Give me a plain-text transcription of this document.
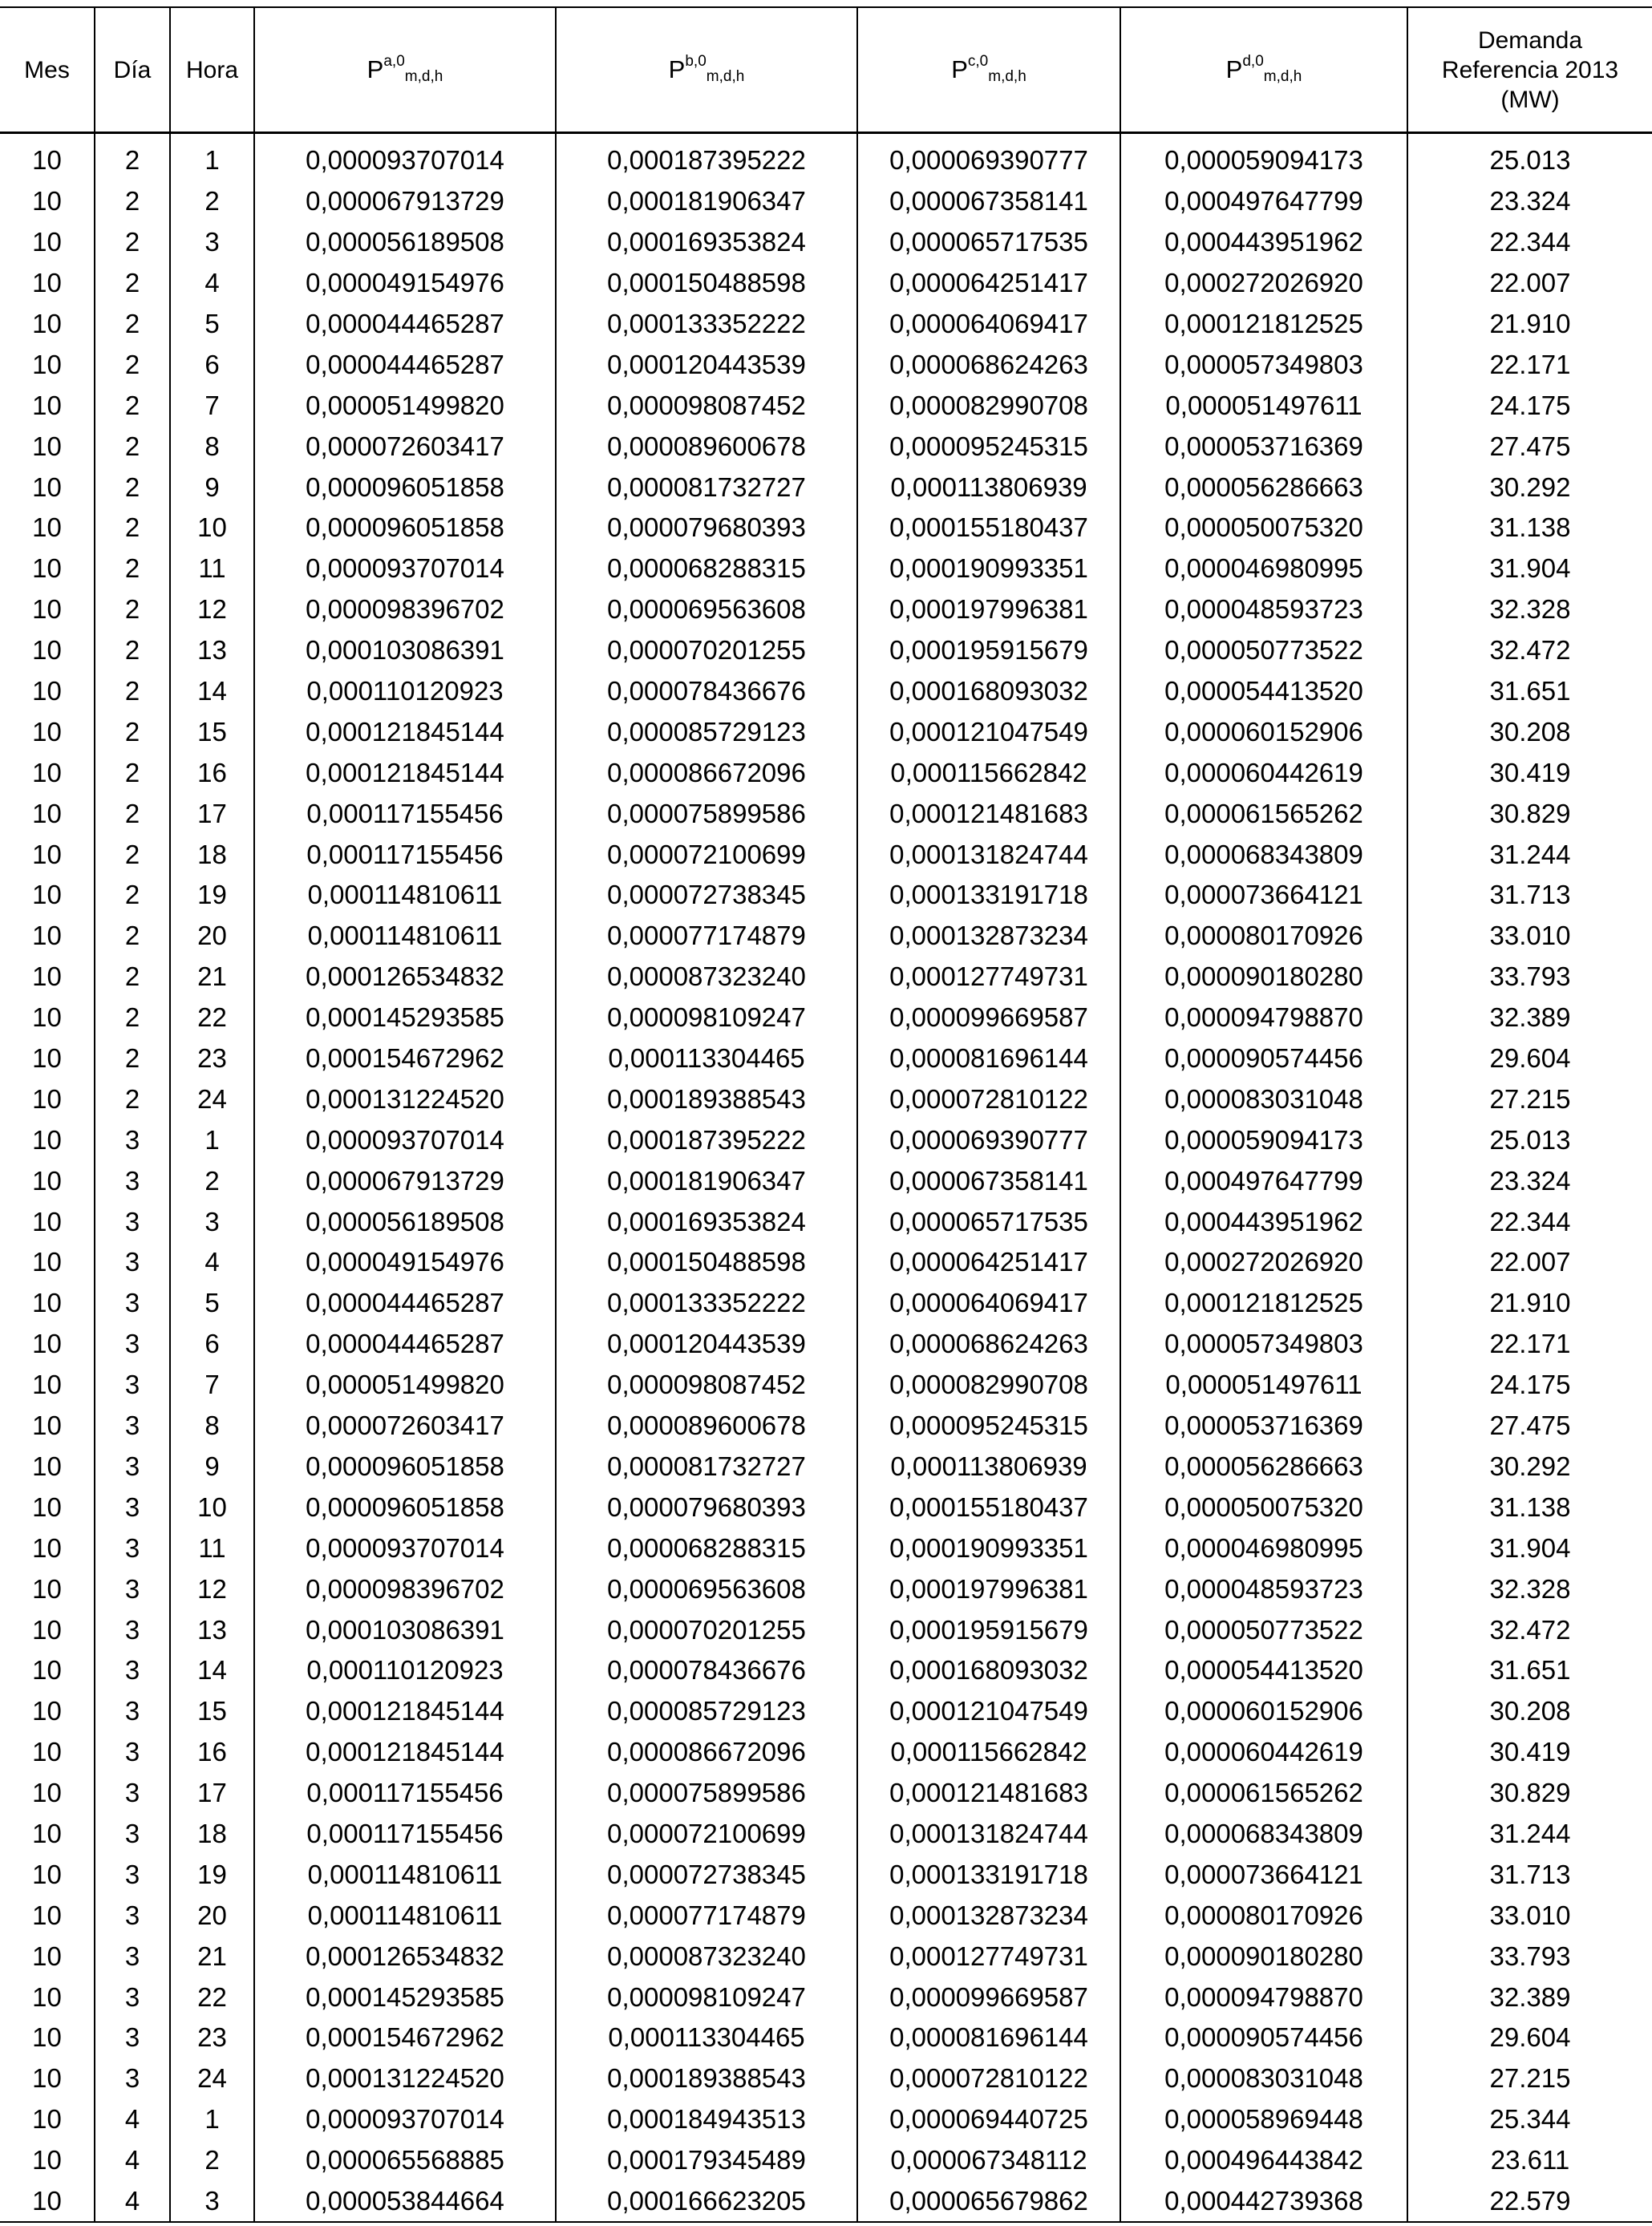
Mes	Día	Hora	P$^{a,0}_{m,d,h}$	P$^{b,0}_{m,d,h}$	P$^{c,0}_{m,d,h}$	P$^{d,0}_{m,d,h}$	Demanda
Referencia 2013
(MW)

10	2	1	0,000093707014	0,000187395222	0,000069390777	0,000059094173	25.013
10	2	2	0,000067913729	0,000181906347	0,000067358141	0,000497647799	23.324
10	2	3	0,000056189508	0,000169353824	0,000065717535	0,000443951962	22.344
10	2	4	0,000049154976	0,000150488598	0,000064251417	0,000272026920	22.007
10	2	5	0,000044465287	0,000133352222	0,000064069417	0,000121812525	21.910
10	2	6	0,000044465287	0,000120443539	0,000068624263	0,000057349803	22.171
10	2	7	0,000051499820	0,000098087452	0,000082990708	0,000051497611	24.175
10	2	8	0,000072603417	0,000089600678	0,000095245315	0,000053716369	27.475
10	2	9	0,000096051858	0,000081732727	0,000113806939	0,000056286663	30.292
10	2	10	0,000096051858	0,000079680393	0,000155180437	0,000050075320	31.138
10	2	11	0,000093707014	0,000068288315	0,000190993351	0,000046980995	31.904
10	2	12	0,000098396702	0,000069563608	0,000197996381	0,000048593723	32.328
10	2	13	0,000103086391	0,000070201255	0,000195915679	0,000050773522	32.472
10	2	14	0,000110120923	0,000078436676	0,000168093032	0,000054413520	31.651
10	2	15	0,000121845144	0,000085729123	0,000121047549	0,000060152906	30.208
10	2	16	0,000121845144	0,000086672096	0,000115662842	0,000060442619	30.419
10	2	17	0,000117155456	0,000075899586	0,000121481683	0,000061565262	30.829
10	2	18	0,000117155456	0,000072100699	0,000131824744	0,000068343809	31.244
10	2	19	0,000114810611	0,000072738345	0,000133191718	0,000073664121	31.713
10	2	20	0,000114810611	0,000077174879	0,000132873234	0,000080170926	33.010
10	2	21	0,000126534832	0,000087323240	0,000127749731	0,000090180280	33.793
10	2	22	0,000145293585	0,000098109247	0,000099669587	0,000094798870	32.389
10	2	23	0,000154672962	0,000113304465	0,000081696144	0,000090574456	29.604
10	2	24	0,000131224520	0,000189388543	0,000072810122	0,000083031048	27.215
10	3	1	0,000093707014	0,000187395222	0,000069390777	0,000059094173	25.013
10	3	2	0,000067913729	0,000181906347	0,000067358141	0,000497647799	23.324
10	3	3	0,000056189508	0,000169353824	0,000065717535	0,000443951962	22.344
10	3	4	0,000049154976	0,000150488598	0,000064251417	0,000272026920	22.007
10	3	5	0,000044465287	0,000133352222	0,000064069417	0,000121812525	21.910
10	3	6	0,000044465287	0,000120443539	0,000068624263	0,000057349803	22.171
10	3	7	0,000051499820	0,000098087452	0,000082990708	0,000051497611	24.175
10	3	8	0,000072603417	0,000089600678	0,000095245315	0,000053716369	27.475
10	3	9	0,000096051858	0,000081732727	0,000113806939	0,000056286663	30.292
10	3	10	0,000096051858	0,000079680393	0,000155180437	0,000050075320	31.138
10	3	11	0,000093707014	0,000068288315	0,000190993351	0,000046980995	31.904
10	3	12	0,000098396702	0,000069563608	0,000197996381	0,000048593723	32.328
10	3	13	0,000103086391	0,000070201255	0,000195915679	0,000050773522	32.472
10	3	14	0,000110120923	0,000078436676	0,000168093032	0,000054413520	31.651
10	3	15	0,000121845144	0,000085729123	0,000121047549	0,000060152906	30.208
10	3	16	0,000121845144	0,000086672096	0,000115662842	0,000060442619	30.419
10	3	17	0,000117155456	0,000075899586	0,000121481683	0,000061565262	30.829
10	3	18	0,000117155456	0,000072100699	0,000131824744	0,000068343809	31.244
10	3	19	0,000114810611	0,000072738345	0,000133191718	0,000073664121	31.713
10	3	20	0,000114810611	0,000077174879	0,000132873234	0,000080170926	33.010
10	3	21	0,000126534832	0,000087323240	0,000127749731	0,000090180280	33.793
10	3	22	0,000145293585	0,000098109247	0,000099669587	0,000094798870	32.389
10	3	23	0,000154672962	0,000113304465	0,000081696144	0,000090574456	29.604
10	3	24	0,000131224520	0,000189388543	0,000072810122	0,000083031048	27.215
10	4	1	0,000093707014	0,000184943513	0,000069440725	0,000058969448	25.344
10	4	2	0,000065568885	0,000179345489	0,000067348112	0,000496443842	23.611
10	4	3	0,000053844664	0,000166623205	0,000065679862	0,000442739368	22.579
